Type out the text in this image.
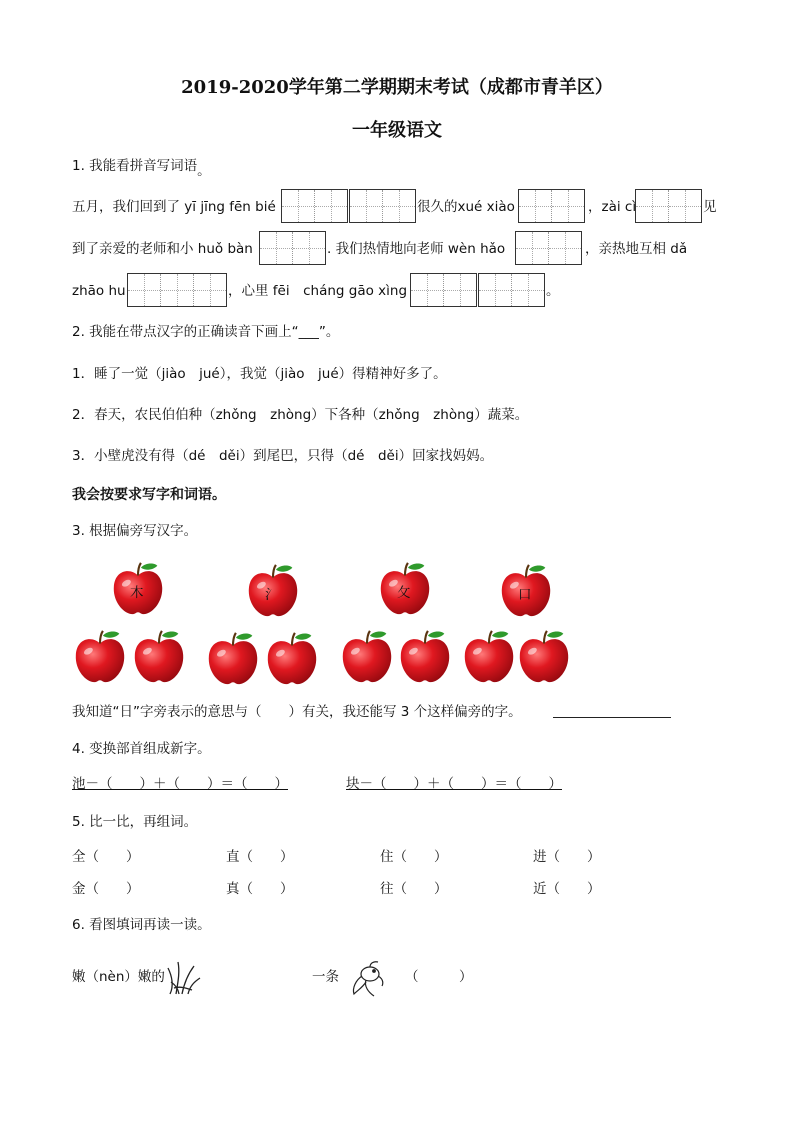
2019-2020学年第二学期期末考试（成都市青羊区）
一年级语文
1. 我能看拼音写词语。
五月，我们回到了 yī jīng fēn bié	很久的xué xiào	，zài cì	见
到了亲爱的老师和小 huǒ bàn	. 我们热情地向老师 wèn hǎo	，亲热地互相 dǎ
zhāo hu	，心里 fēi　cháng gāo xìng	。
2. 我能在带点汉字的正确读音下画上“___”。
1．睡了一觉（jiào　jué），我觉（jiào　jué）得精神好多了。
2．春天，农民伯伯种（zhǒng　zhòng）下各种（zhǒng　zhòng）蔬菜。
3．小壁虎没有得（dé　děi）到尾巴，只得（dé　děi）回家找妈妈。
我会按要求写字和词语。
3. 根据偏旁写汉字。
木	氵	攵	口
我知道“日”字旁表示的意思与（　　）有关，我还能写 3 个这样偏旁的字。
4. 变换部首组成新字。
池－（　　）＋（　　）＝（　　）	块－（　　）＋（　　）＝（　　）
5. 比一比，再组词。
全（　　）	直（　　）	住（　　）	进（　　）
金（　　）	真（　　）	往（　　）	近（　　）
6. 看图填词再读一读。
嫩（nèn）嫩的	一条	（　　　）
